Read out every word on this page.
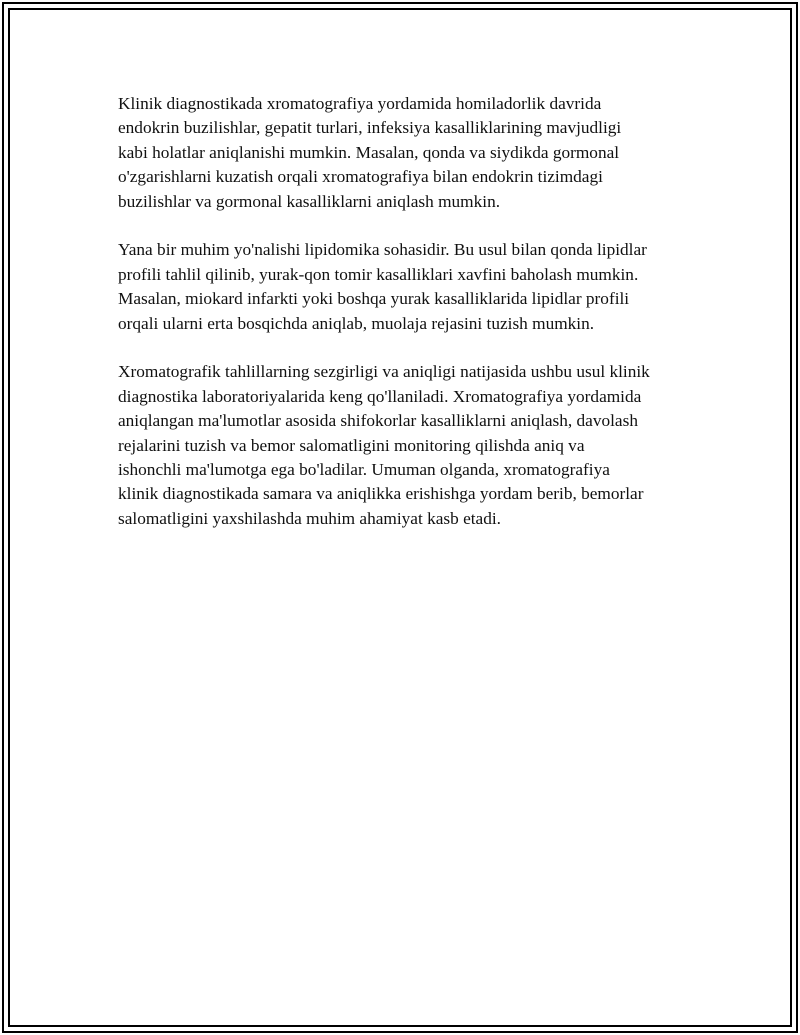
Klinik diagnostikada xromatografiya yordamida homiladorlik davrida
endokrin buzilishlar, gepatit turlari, infeksiya kasalliklarining mavjudligi
kabi holatlar aniqlanishi mumkin. Masalan, qonda va siydikda gormonal
o'zgarishlarni kuzatish orqali xromatografiya bilan endokrin tizimdagi
buzilishlar va gormonal kasalliklarni aniqlash mumkin.

Yana bir muhim yo'nalishi lipidomika sohasidir. Bu usul bilan qonda lipidlar
profili tahlil qilinib, yurak-qon tomir kasalliklari xavfini baholash mumkin.
Masalan, miokard infarkti yoki boshqa yurak kasalliklarida lipidlar profili
orqali ularni erta bosqichda aniqlab, muolaja rejasini tuzish mumkin.

Xromatografik tahlillarning sezgirligi va aniqligi natijasida ushbu usul klinik
diagnostika laboratoriyalarida keng qo'llaniladi. Xromatografiya yordamida
aniqlangan ma'lumotlar asosida shifokorlar kasalliklarni aniqlash, davolash
rejalarini tuzish va bemor salomatligini monitoring qilishda aniq va
ishonchli ma'lumotga ega bo'ladilar. Umuman olganda, xromatografiya
klinik diagnostikada samara va aniqlikka erishishga yordam berib, bemorlar
salomatligini yaxshilashda muhim ahamiyat kasb etadi.
